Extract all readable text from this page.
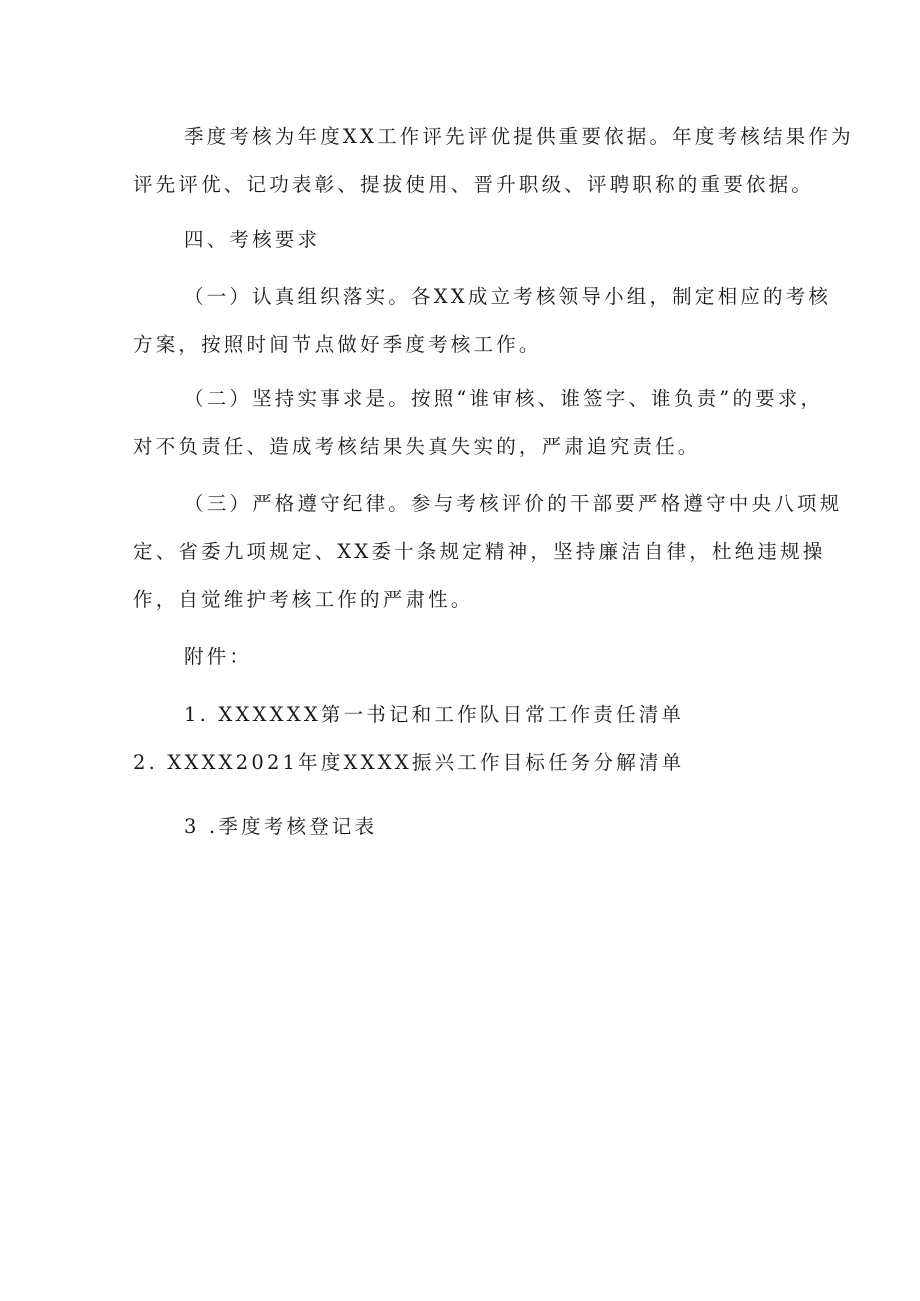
季度考核为年度XX工作评先评优提供重要依据。年度考核结果作为
评先评优、记功表彰、提拔使用、晋升职级、评聘职称的重要依据。
四、考核要求
（一）认真组织落实。各XX成立考核领导小组，制定相应的考核
方案，按照时间节点做好季度考核工作。
（二）坚持实事求是。按照“谁审核、谁签字、谁负责”的要求，
对不负责任、造成考核结果失真失实的，严肃追究责任。
（三）严格遵守纪律。参与考核评价的干部要严格遵守中央八项规
定、省委九项规定、XX委十条规定精神，坚持廉洁自律，杜绝违规操
作，自觉维护考核工作的严肃性。
附件：
1. XXXXXX第一书记和工作队日常工作责任清单
2. XXXX2021年度XXXX振兴工作目标任务分解清单
3 .季度考核登记表
